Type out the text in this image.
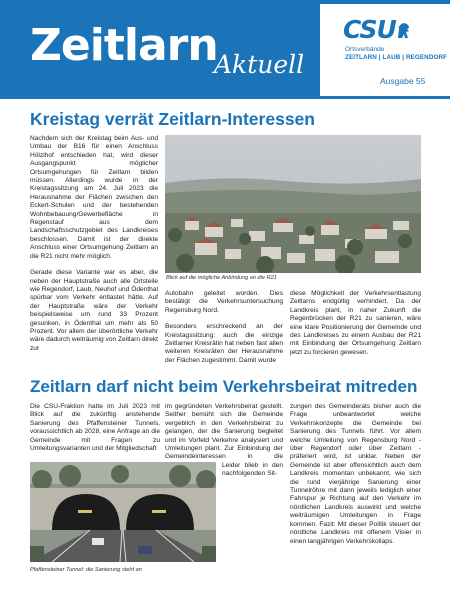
Zeitlarn
Aktuell
CSU
Ortsverbände
ZEITLARN | LAUB | REGENDORF
Ausgabe 55
Kreistag verrät Zeitlarn-Interessen

Nachdem sich der Kreistag beim Aus- und Umbau der B16 für einen Anschluss Hölzlhof entschieden hat, wird dieser Ausgangspunkt möglicher Ortsumgehungen für Zeitlarn bilden müssen. Allerdings wurde in der Kreistagssitzung am 24. Juli 2023 die Herausnahme der Flächen zwischen den Eckert-Schulen und der bestehenden Wohnbebauung/Gewerbefläche in Regenstauf aus dem Landschaftsschutzgebiet des Landkreises beschlossen. Damit ist der direkte Anschluss einer Ortsumgehung Zeitlarn an die R21 nicht mehr möglich.

Gerade diese Variante war es aber, die neben der Hauptstraße auch alle Ortsteile wie Regendorf, Laub, Neuhof und Ödenthal spürbar vom Verkehr entlastet hätte. Auf der Hauptstraße wäre der Verkehr beispielsweise um rund 33 Prozent gesunken, in Ödenthal um mehr als 50 Prozent. Vor allem der überörtliche Verkehr wäre dadurch weiträumig von Zeitlarn direkt zur

Blick auf die mögliche Anbindung an die R21

Autobahn geleitet worden. Dies bestätigt die Verkehrsuntersuchung Regensburg Nord.

Besonders erschreckend an der Kreistagssitzung: auch die einzige Zeitlarner Kreisrätin hat neben fast allen weiteren Kreisräten der Herausnahme der Flächen zugestimmt. Damit wurde

diese Möglichkeit der Verkehrsentlastung Zeitlarns endgültig verhindert. Da der Landkreis plant, in naher Zukunft die Regenbrücken der R21 zu sanieren, wäre eine klare Positionierung der Gemeinde und des Landkreises zu einem Ausbau der R21 mit Einbindung der Ortsumgehung Zeitlarn jetzt zu forcieren gewesen.

Zeitlarn darf nicht beim Verkehrsbeirat mitreden

Die CSU-Fraktion hatte im Juli 2023 mit Blick auf die zukünftig anstehende Sanierung des Pfaffensteiner Tunnels, voraussichtlich ab 2028, eine Anfrage an die Gemeinde mit Fragen zu Umleitungsvarianten und der Mitgliedschaft

Pfaffensteiner Tunnel: die Sanierung steht an

im gegründeten Verkehrsbeirat gestellt. Seither bemüht sich die Gemeinde vergeblich in den Verkehrsbeirat zu gelangen, der die Sanierung begleitet und im Vorfeld Verkehre analysiert und Umleitungen plant. Zur Einbindung der Gemeindeinteressen in die

zungen des Gemeinderats bisher auch die Frage unbeantwortet welche Verkehrskonzepte die Gemeinde bei Sanierung des Tunnels führt. Vor allem welche Umleitung von Regensburg Nord - über Regendorf oder über Zeitlarn - präferiert wird, ist unklar. Neben der Gemeinde ist aber offensichtlich auch dem Landkreis momentan unbekannt, wie sich die rund vierjährige Sanierung einer Tunnelröhre mit dann jeweils lediglich einer Fahrspur je Richtung auf den Verkehr im nördlichen Landkreis auswirkt und welche weiträumigen Umleitungen in Frage kommen. Fazit: Mit dieser Politik steuert der nördliche Landkreis mit offenem Visier in einen langjährigen Verkehrskollaps.

Leider blieb in den nachfolgenden Sit-
